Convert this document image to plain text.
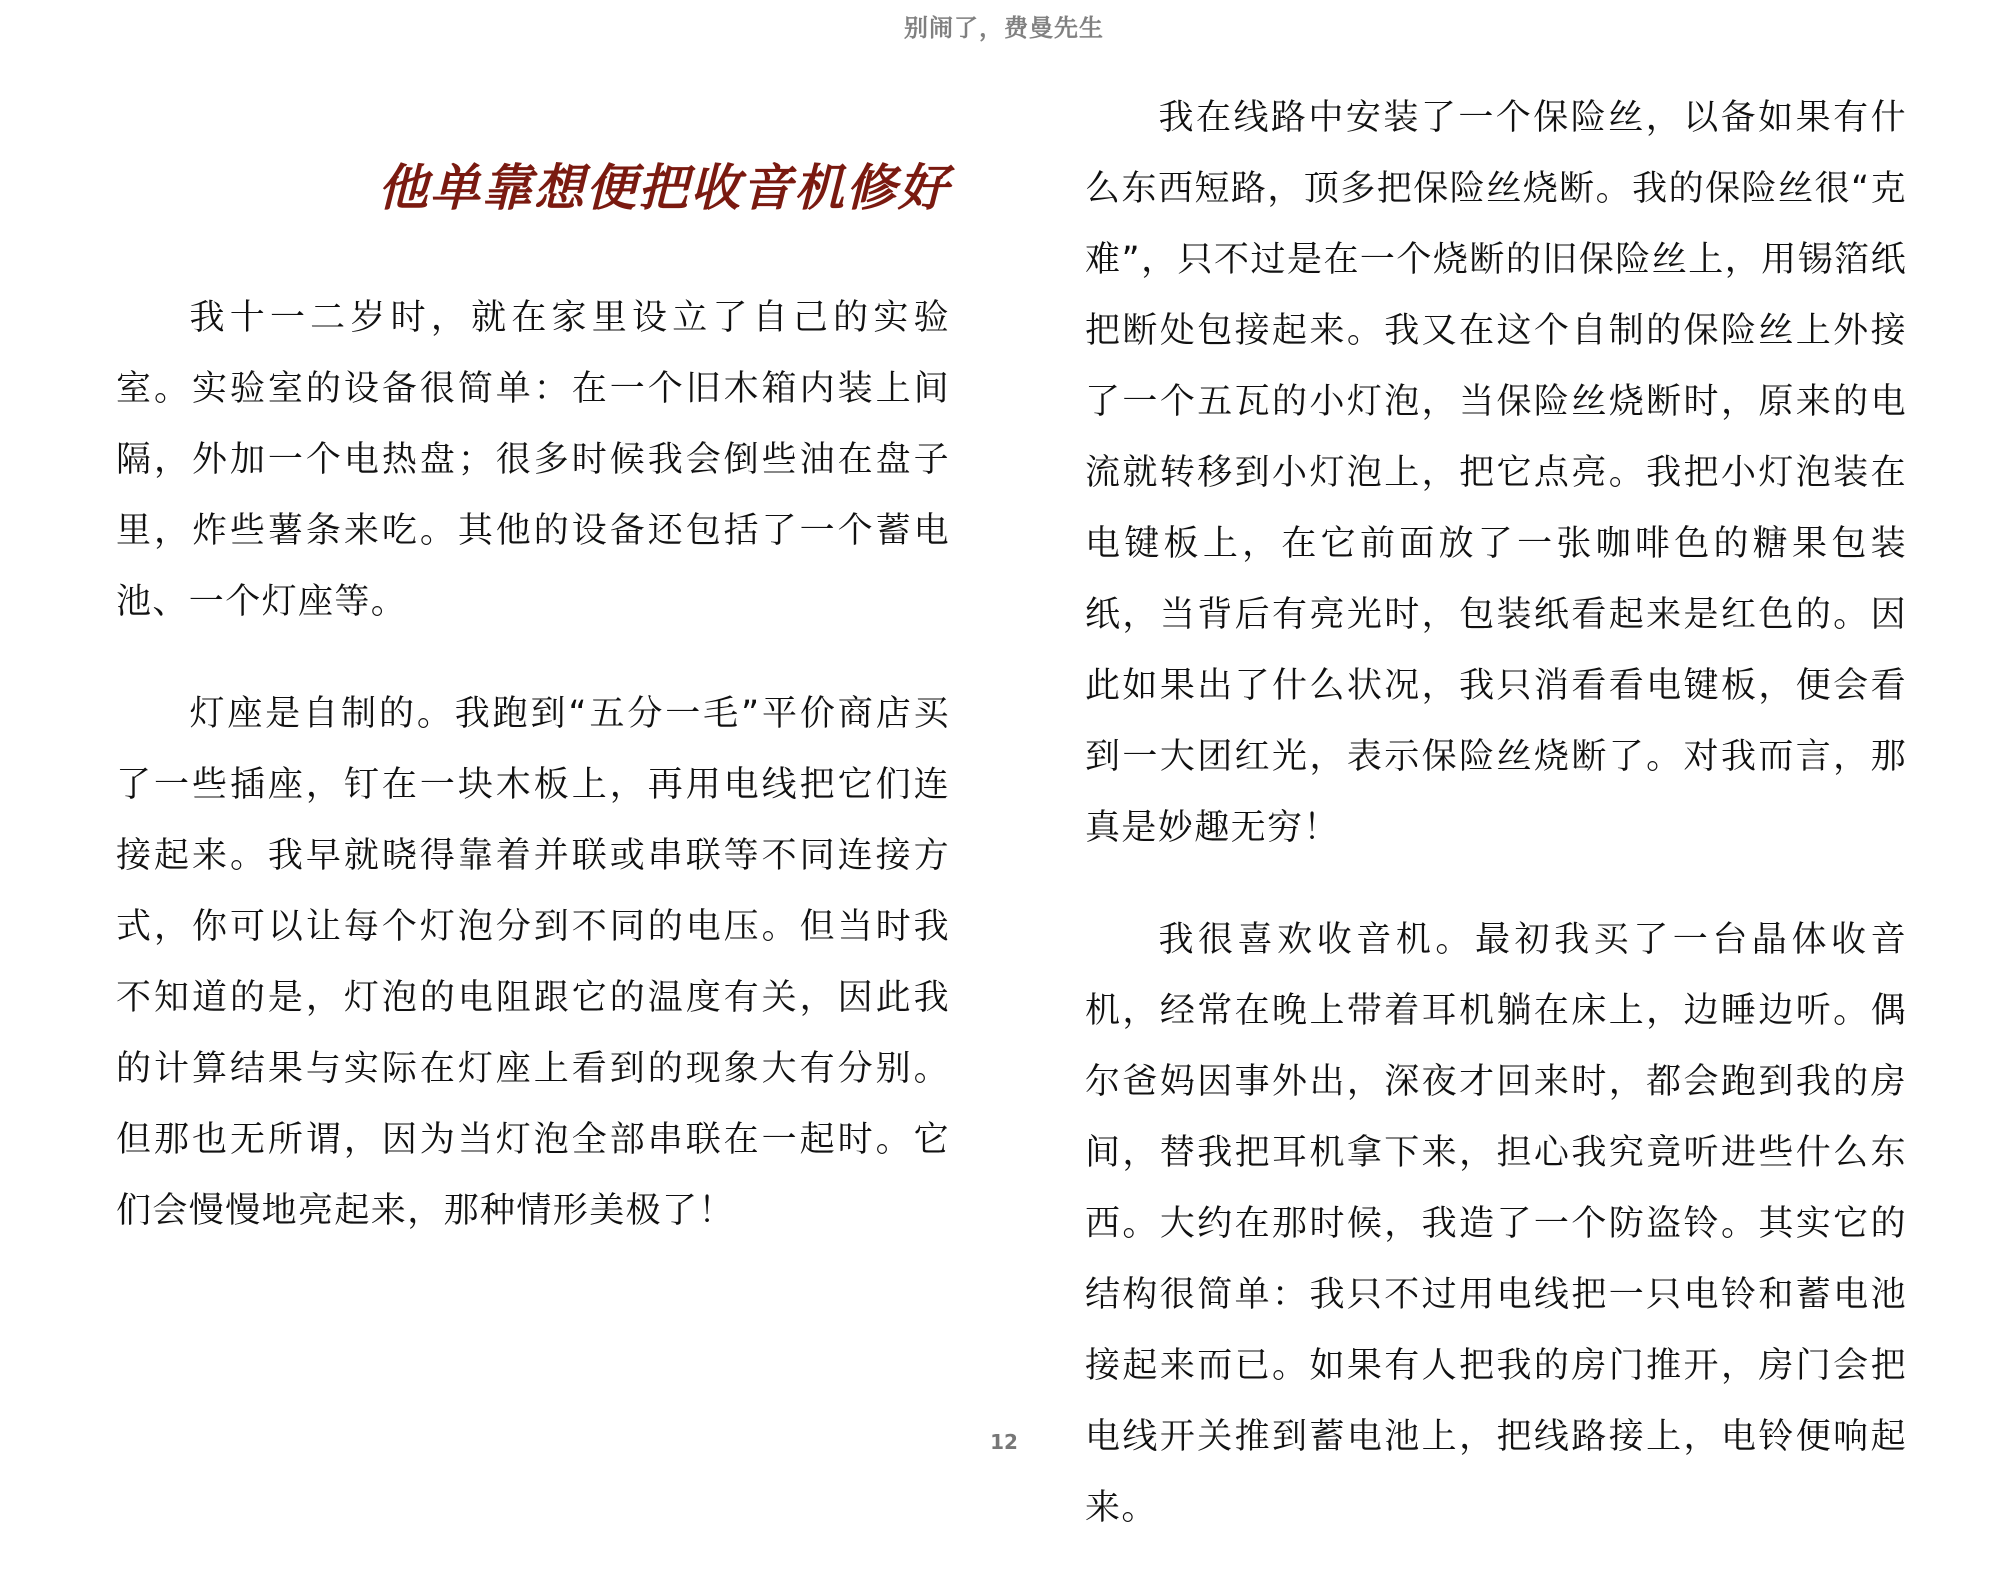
别闹了，费曼先生
他单靠想便把收音机修好

我十一二岁时，就在家里设立了自己的实验室。实验室的设备很简单：在一个旧木箱内装上间隔，外加一个电热盘；很多时候我会倒些油在盘子里，炸些薯条来吃。其他的设备还包括了一个蓄电池、一个灯座等。

灯座是自制的。我跑到“五分一毛”平价商店买了一些插座，钉在一块木板上，再用电线把它们连接起来。我早就晓得靠着并联或串联等不同连接方式，你可以让每个灯泡分到不同的电压。但当时我不知道的是，灯泡的电阻跟它的温度有关，因此我的计算结果与实际在灯座上看到的现象大有分别。但那也无所谓，因为当灯泡全部串联在一起时。它们会慢慢地亮起来，那种情形美极了！

我在线路中安装了一个保险丝，以备如果有什么东西短路，顶多把保险丝烧断。我的保险丝很“克难”，只不过是在一个烧断的旧保险丝上，用锡箔纸把断处包接起来。我又在这个自制的保险丝上外接了一个五瓦的小灯泡，当保险丝烧断时，原来的电流就转移到小灯泡上，把它点亮。我把小灯泡装在电键板上，在它前面放了一张咖啡色的糖果包装纸，当背后有亮光时，包装纸看起来是红色的。因此如果出了什么状况，我只消看看电键板，便会看到一大团红光，表示保险丝烧断了。对我而言，那真是妙趣无穷！

我很喜欢收音机。最初我买了一台晶体收音机，经常在晚上带着耳机躺在床上，边睡边听。偶尔爸妈因事外出，深夜才回来时，都会跑到我的房间，替我把耳机拿下来，担心我究竟听进些什么东西。大约在那时候，我造了一个防盗铃。其实它的结构很简单：我只不过用电线把一只电铃和蓄电池接起来而已。如果有人把我的房门推开，房门会把电线开关推到蓄电池上，把线路接上，电铃便响起来。

12
